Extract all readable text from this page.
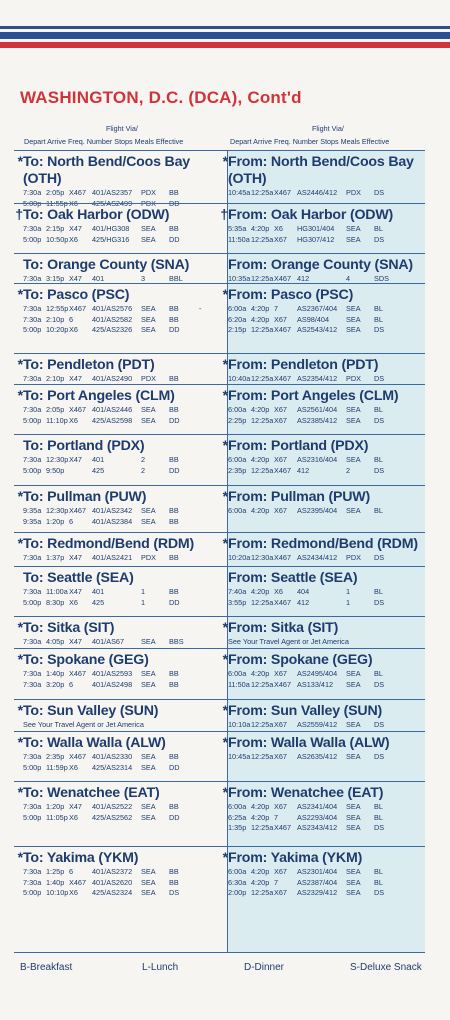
WASHINGTON, D.C. (DCA), Cont'd
Flight Via/
Depart Arrive Freq. Number Stops Meals Effective
Flight Via/
Depart Arrive Freq. Number Stops Meals Effective
*To: North Bend/Coos Bay
(OTH)
7:30a 2:05p X467 401/AS2357 PDX BB
5:00p 11:55pX6 425/AS2499 PDX DD
*From: North Bend/Coos Bay
(OTH)
10:45a12:25aX467 AS2446/412 PDX DS
†To: Oak Harbor (ODW)
7:30a 2:15p X47 401/HG308 SEA BB
5:00p 10:50pX6 425/HG316 SEA DD
†From: Oak Harbor (ODW)
5:35a 4:20p X6 HG301/404 SEA BL
11:50a12:25aX67 HG307/412 SEA DS
To: Orange County (SNA)
7:30a 3:15p X47 401	3	BBL
From: Orange County (SNA)
10:35a12:25aX467 412	4	SDS
*To: Pasco (PSC)
7:30a 12:55pX467 401/AS2576 SEA BB	-
7:30a 2:10p 6	401/AS2582 SEA BB
5:00p 10:20pX6 425/AS2326 SEA DD
*From: Pasco (PSC)
6:00a 4:20p 7	AS2367/404 SEA BL
6:20a 4:20p X67 AS98/404 SEA BL
2:15p 12:25aX467 AS2543/412 SEA DS
*To: Pendleton (PDT)
7:30a 2:10p X47 401/AS2490 PDX BB
*From: Pendleton (PDT)
10:40a12:25aX467 AS2354/412 PDX DS
*To: Port Angeles (CLM)
7:30a 2:05p X467 401/AS2446 SEA BB
5:00p 11:10pX6 425/AS2598 SEA DD
*From: Port Angeles (CLM)
6:00a 4:20p X67 AS2561/404 SEA BL
2:25p 12:25aX67 AS2385/412 SEA DS
To: Portland (PDX)
7:30a 12:30pX47 401	2	BB
5:00p 9:50p	425	2	DD
*From: Portland (PDX)
6:00a 4:20p X67 AS2316/404 SEA BL
2:35p 12:25aX467 412	2	DS
*To: Pullman (PUW)
9:35a 12:30pX467 401/AS2342 SEA BB
9:35a 1:20p 6	401/AS2384 SEA BB
*From: Pullman (PUW)
6:00a 4:20p X67 AS2395/404 SEA BL
*To: Redmond/Bend (RDM)
7:30a 1:37p X47 401/AS2421 PDX BB
*From: Redmond/Bend (RDM)
10:20a12:30aX467 AS2434/412 PDX DS
To: Seattle (SEA)
7:30a 11:00aX47 401	1	BB
5:00p 8:30p X6 425	1	DD
From: Seattle (SEA)
7:40a 4:20p X6 404	1	BL
3:55p 12:25aX467 412	1	DS
*To: Sitka (SIT)
7:30a 4:05p X47 401/AS67 SEA BBS
*From: Sitka (SIT)
See Your Travel Agent or Jet America
*To: Spokane (GEG)
7:30a 1:40p X467 401/AS2593 SEA BB
7:30a 3:20p 6	401/AS2498 SEA BB
*From: Spokane (GEG)
6:00a 4:20p X67 AS2495/404 SEA BL
11:50a12:25aX467 AS133/412 SEA DS
*To: Sun Valley (SUN)
See Your Travel Agent or Jet America
*From: Sun Valley (SUN)
10:10a12:25aX67 AS2559/412 SEA DS
*To: Walla Walla (ALW)
7:30a 2:35p X467 401/AS2330 SEA BB
5:00p 11:59pX6 425/AS2314 SEA DD
*From: Walla Walla (ALW)
10:45a12:25aX67 AS2635/412 SEA DS
*To: Wenatchee (EAT)
7:30a 1:20p X47 401/AS2522 SEA BB
5:00p 11:05pX6 425/AS2562 SEA DD
*From: Wenatchee (EAT)
6:00a 4:20p X67 AS2341/404 SEA BL
6:25a 4:20p 7	AS2293/404 SEA BL
1:35p 12:25aX467 AS2343/412 SEA DS
*To: Yakima (YKM)
7:30a 1:25p 6	401/AS2372 SEA BB
7:30a 1:40p X467 401/AS2620 SEA BB
5:00p 10:10pX6 425/AS2324 SEA DS
*From: Yakima (YKM)
6:00a 4:20p X67 AS2301/404 SEA BL
6:30a 4:20p 7	AS2387/404 SEA BL
2:00p 12:25aX67 AS2329/412 SEA DS
B-Breakfast	L-Lunch	D-Dinner	S-Deluxe Snack
